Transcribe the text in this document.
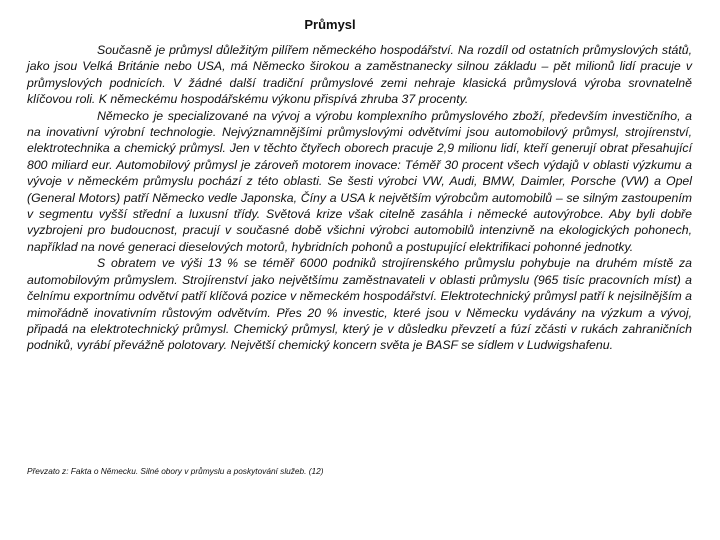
Průmysl

Současně je průmysl důležitým pilířem německého hospodářství. Na rozdíl od ostatních průmyslových států, jako jsou Velká Británie nebo USA, má Německo širokou a zaměstnanecky silnou základu – pět milionů lidí pracuje v průmyslových podnicích. V žádné další tradiční průmyslové zemi nehraje klasická průmyslová výroba srovnatelně klíčovou roli. K německému hospodářskému výkonu přispívá zhruba 37 procenty.

Německo je specializované na vývoj a výrobu komplexního průmyslového zboží, především investičního, a na inovativní výrobní technologie. Nejvýznamnějšími průmyslovými odvětvími jsou automobilový průmysl, strojírenství, elektrotechnika a chemický průmysl. Jen v těchto čtyřech oborech pracuje 2,9 milionu lidí, kteří generují obrat přesahující 800 miliard eur. Automobilový průmysl je zároveň motorem inovace: Téměř 30 procent všech výdajů v oblasti výzkumu a vývoje v německém průmyslu pochází z této oblasti. Se šesti výrobci VW, Audi, BMW, Daimler, Porsche (VW) a Opel (General Motors) patří Německo vedle Japonska, Číny a USA k největším výrobcům automobilů – se silným zastoupením v segmentu vyšší střední a luxusní třídy. Světová krize však citelně zasáhla i německé autovýrobce. Aby byli dobře vyzbrojeni pro budoucnost, pracují v současné době všichni výrobci automobilů intenzivně na ekologických pohonech, například na nové generaci dieselových motorů, hybridních pohonů a postupující elektrifikaci pohonné jednotky.

S obratem ve výši 13 % se téměř 6000 podniků strojírenského průmyslu pohybuje na druhém místě za automobilovým průmyslem. Strojírenství jako největšímu zaměstnavateli v oblasti průmyslu (965 tisíc pracovních míst) a čelnímu exportnímu odvětví patří klíčová pozice v německém hospodářství. Elektrotechnický průmysl patří k nejsilnějším a mimořádně inovativním růstovým odvětvím. Přes 20 % investic, které jsou v Německu vydávány na výzkum a vývoj, připadá na elektrotechnický průmysl. Chemický průmysl, který je v důsledku převzetí a fúzí zčásti v rukách zahraničních podniků, vyrábí převážně polotovary. Největší chemický koncern světa je BASF se sídlem v Ludwigshafenu.

Převzato z: Fakta o Německu. Silné obory v průmyslu a poskytování služeb. (12)
